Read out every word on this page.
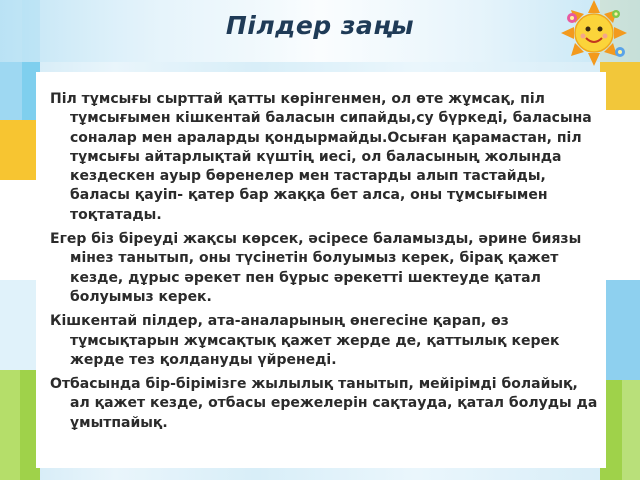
Пілдер заңы

Піл тұмсығы сырттай қатты көрінгенмен, ол өте жұмсақ, піл тұмсығымен кішкентай баласын сипайды,су бүркеді, баласына соналар мен араларды қондырмайды.Осыған қарамастан, піл тұмсығы айтарлықтай күштің иесі, ол баласының жолында кездескен ауыр бөренелер мен тастарды алып тастайды, баласы қауіп- қатер бар жаққа бет алса, оны тұмсығымен тоқтатады.

Егер біз біреуді жақсы көрсек, әсіресе баламызды, әрине биязы мінез танытып, оны түсінетін болуымыз керек, бірақ қажет кезде, дұрыс әрекет пен бұрыс әрекетті шектеуде қатал болуымыз керек.

Кішкентай пілдер, ата-аналарының өнегесіне қарап, өз тұмсықтарын жұмсақтық қажет жерде де, қаттылық керек жерде тез қолдануды үйренеді.

Отбасында бір-бірімізге жылылық танытып, мейірімді болайық, ал қажет кезде, отбасы ережелерін сақтауда, қатал болуды да ұмытпайық.
